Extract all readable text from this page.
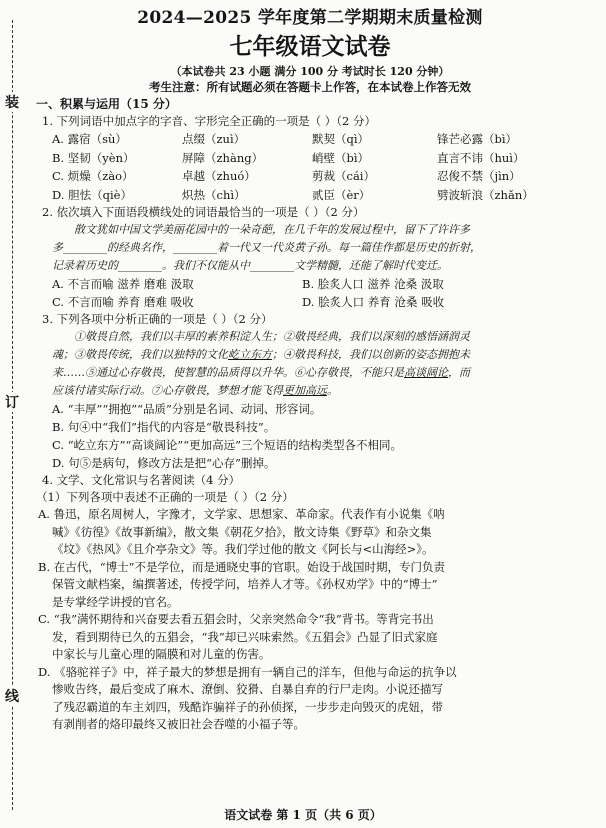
装
订
线
2024—2025 学年度第二学期期末质量检测
七年级语文试卷
（本试卷共 23 小题 满分 100 分 考试时长 120 分钟）
考生注意：所有试题必须在答题卡上作答，在本试卷上作答无效
一、积累与运用（15 分）
1. 下列词语中加点字的字音、字形完全正确的一项是（ ）（2 分）
A. 露宿（sù）	点缀（zuì）	默契（qì）	锋芒必露（bì）
B. 坚韧（yèn）	屏障（zhàng）	峭壁（bì）	直言不讳（huì）
C. 烦燥（zào）	卓越（zhuó）	剪裁（cái）	忍俊不禁（jìn）
D. 胆怯（qiè）	炽热（chì）	贰臣（èr）	劈波斩浪（zhǎn）
2. 依次填入下面语段横线处的词语最恰当的一项是（ ）（2 分）
散文犹如中国文学美丽花园中的一朵奇葩，在几千年的发展过程中，留下了许许多
多________的经典名作，________着一代又一代炎黄子孙。每一篇佳作都是历史的折射，
记录着历史的________。我们不仅能从中________文学精髓，还能了解时代变迁。
A. 不言而喻 滋养 磨难 汲取	B. 脍炙人口 滋养 沧桑 汲取
C. 不言而喻 养育 磨难 吸收	D. 脍炙人口 养育 沧桑 吸收
3. 下列各项中分析正确的一项是（ ）（2 分）
①敬畏自然，我们以丰厚的素养积淀人生；②敬畏经典，我们以深刻的感悟涵润灵
魂；③敬畏传统，我们以独特的文化屹立东方；④敬畏科技，我们以创新的姿态拥抱未
来……⑤通过心存敬畏，使智慧的品质得以升华。⑥心存敬畏，不能只是高谈阔论，而
应该付诸实际行动。⑦心存敬畏，梦想才能飞得更加高远。
A. “丰厚”“拥抱”“品质”分别是名词、动词、形容词。
B. 句④中“我们”指代的内容是“敬畏科技”。
C. “屹立东方”“高谈阔论”“更加高远”三个短语的结构类型各不相同。
D. 句⑤是病句，修改方法是把“心存”删掉。
4. 文学、文化常识与名著阅读（4 分）
（1）下列各项中表述不正确的一项是（ ）（2 分）
A. 鲁迅，原名周树人，字豫才，文学家、思想家、革命家。代表作有小说集《呐
喊》《彷徨》《故事新编》，散文集《朝花夕拾》，散文诗集《野草》和杂文集
《坟》《热风》《且介亭杂文》等。我们学过他的散文《阿长与<山海经>》。
B. 在古代，“博士”不是学位，而是通晓史事的官职。始设于战国时期，专门负责
保管文献档案，编撰著述，传授学问，培养人才等。《孙权劝学》中的“博士”
是专掌经学讲授的官名。
C. “我”满怀期待和兴奋要去看五猖会时，父亲突然命令“我”背书。等背完书出
发，看到期待已久的五猖会，“我”却已兴味索然。《五猖会》凸显了旧式家庭
中家长与儿童心理的隔膜和对儿童的伤害。
D. 《骆驼祥子》中，祥子最大的梦想是拥有一辆自己的洋车，但他与命运的抗争以
惨败告终，最后变成了麻木、潦倒、狡猾、自暴自弃的行尸走肉。小说还描写
了残忍霸道的车主刘四，残酷诈骗祥子的孙侦探，一步步走向毁灭的虎妞，带
有剥削者的烙印最终又被旧社会吞噬的小福子等。
语文试卷 第 1 页（共 6 页）
